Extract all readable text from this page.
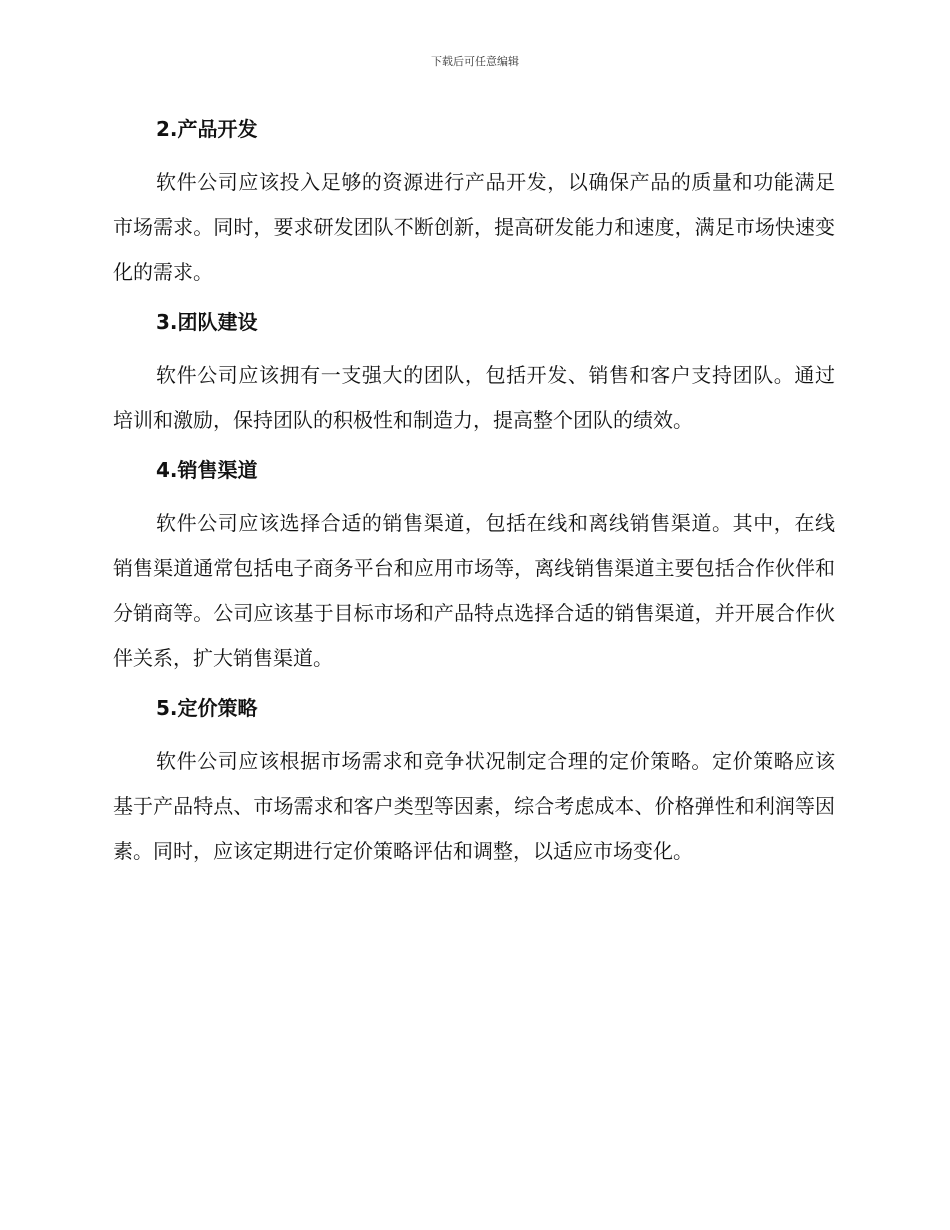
下载后可任意编辑
2.产品开发

软件公司应该投入足够的资源进行产品开发，以确保产品的质量和功能满足市场需求。同时，要求研发团队不断创新，提高研发能力和速度，满足市场快速变化的需求。

3.团队建设

软件公司应该拥有一支强大的团队，包括开发、销售和客户支持团队。通过培训和激励，保持团队的积极性和制造力，提高整个团队的绩效。

4.销售渠道

软件公司应该选择合适的销售渠道，包括在线和离线销售渠道。其中，在线销售渠道通常包括电子商务平台和应用市场等，离线销售渠道主要包括合作伙伴和分销商等。公司应该基于目标市场和产品特点选择合适的销售渠道，并开展合作伙伴关系，扩大销售渠道。

5.定价策略

软件公司应该根据市场需求和竞争状况制定合理的定价策略。定价策略应该基于产品特点、市场需求和客户类型等因素，综合考虑成本、价格弹性和利润等因素。同时，应该定期进行定价策略评估和调整，以适应市场变化。
